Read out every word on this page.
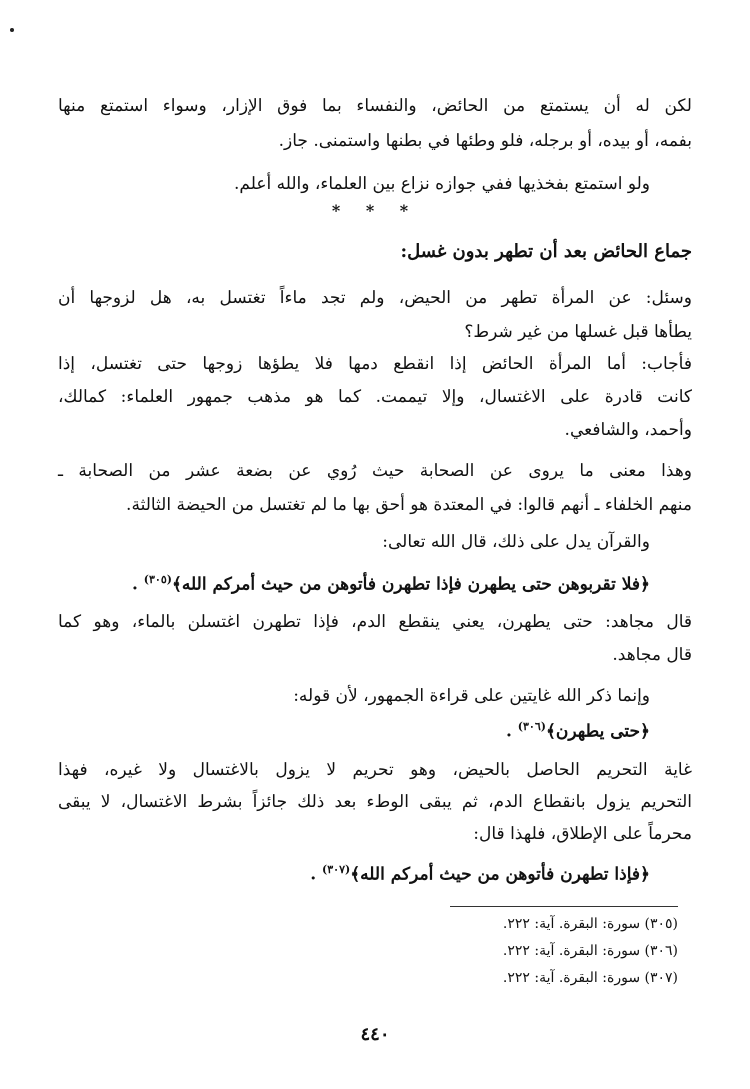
لكن له أن يستمتع من الحائض، والنفساء بما فوق الإزار، وسواء استمتع منها
بفمه، أو بيده، أو برجله، فلو وطئها في بطنها واستمنى. جاز.
ولو استمتع بفخذيها ففي جوازه نزاع بين العلماء، والله أعلم.
* * *
جماع الحائض بعد أن تطهر بدون غسل:
وسئل: عن المرأة تطهر من الحيض، ولم تجد ماءاً تغتسل به، هل لزوجها أن
يطأها قبل غسلها من غير شرط؟
فأجاب: أما المرأة الحائض إذا انقطع دمها فلا يطؤها زوجها حتى تغتسل، إذا
كانت قادرة على الاغتسال، وإلا تيممت. كما هو مذهب جمهور العلماء: كمالك،
وأحمد، والشافعي.
وهذا معنى ما يروى عن الصحابة حيث رُوي عن بضعة عشر من الصحابة ـ
منهم الخلفاء ـ أنهم قالوا: في المعتدة هو أحق بها ما لم تغتسل من الحيضة الثالثة.
والقرآن يدل على ذلك، قال الله تعالى:
﴿فلا تقربوهن حتى يطهرن فإذا تطهرن فأتوهن من حيث أمركم الله﴾$^{(٣٠٥)}$ .
قال مجاهد: حتى يطهرن، يعني ينقطع الدم، فإذا تطهرن اغتسلن بالماء، وهو كما
قال مجاهد.
وإنما ذكر الله غايتين على قراءة الجمهور، لأن قوله:
﴿حتى يطهرن﴾$^{(٣٠٦)}$ .
غاية التحريم الحاصل بالحيض، وهو تحريم لا يزول بالاغتسال ولا غيره، فهذا
التحريم يزول بانقطاع الدم، ثم يبقى الوطء بعد ذلك جائزاً بشرط الاغتسال، لا يبقى
محرماً على الإطلاق، فلهذا قال:
﴿فإذا تطهرن فأتوهن من حيث أمركم الله﴾$^{(٣٠٧)}$ .
(٣٠٥) سورة: البقرة. آية: ٢٢٢.
(٣٠٦) سورة: البقرة. آية: ٢٢٢.
(٣٠٧) سورة: البقرة. آية: ٢٢٢.
٤٤٠
